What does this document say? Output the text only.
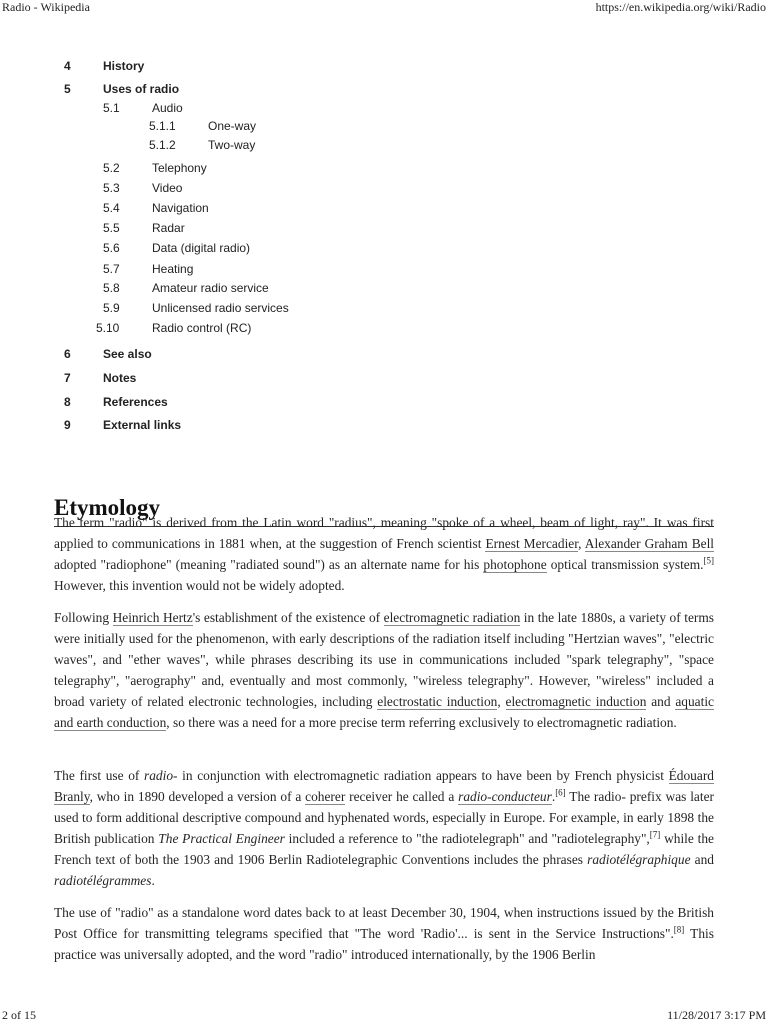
Radio - Wikipedia	https://en.wikipedia.org/wiki/Radio
4	History
5	Uses of radio
5.1	Audio
5.1.1	One-way
5.1.2	Two-way
5.2	Telephony
5.3	Video
5.4	Navigation
5.5	Radar
5.6	Data (digital radio)
5.7	Heating
5.8	Amateur radio service
5.9	Unlicensed radio services
5.10	Radio control (RC)
6	See also
7	Notes
8	References
9	External links
Etymology

The term "radio" is derived from the Latin word "radius", meaning "spoke of a wheel, beam of light, ray". It was first applied to communications in 1881 when, at the suggestion of French scientist Ernest Mercadier, Alexander Graham Bell adopted "radiophone" (meaning "radiated sound") as an alternate name for his photophone optical transmission system.[5] However, this invention would not be widely adopted.

Following Heinrich Hertz's establishment of the existence of electromagnetic radiation in the late 1880s, a variety of terms were initially used for the phenomenon, with early descriptions of the radiation itself including "Hertzian waves", "electric waves", and "ether waves", while phrases describing its use in communications included "spark telegraphy", "space telegraphy", "aerography" and, eventually and most commonly, "wireless telegraphy". However, "wireless" included a broad variety of related electronic technologies, including electrostatic induction, electromagnetic induction and aquatic and earth conduction, so there was a need for a more precise term referring exclusively to electromagnetic radiation.

The first use of radio- in conjunction with electromagnetic radiation appears to have been by French physicist Édouard Branly, who in 1890 developed a version of a coherer receiver he called a radio-conducteur.[6] The radio- prefix was later used to form additional descriptive compound and hyphenated words, especially in Europe. For example, in early 1898 the British publication The Practical Engineer included a reference to "the radiotelegraph" and "radiotelegraphy",[7] while the French text of both the 1903 and 1906 Berlin Radiotelegraphic Conventions includes the phrases radiotélégraphique and radiotélégrammes.

The use of "radio" as a standalone word dates back to at least December 30, 1904, when instructions issued by the British Post Office for transmitting telegrams specified that "The word 'Radio'... is sent in the Service Instructions".[8] This practice was universally adopted, and the word "radio" introduced internationally, by the 1906 Berlin

2 of 15	11/28/2017 3:17 PM
